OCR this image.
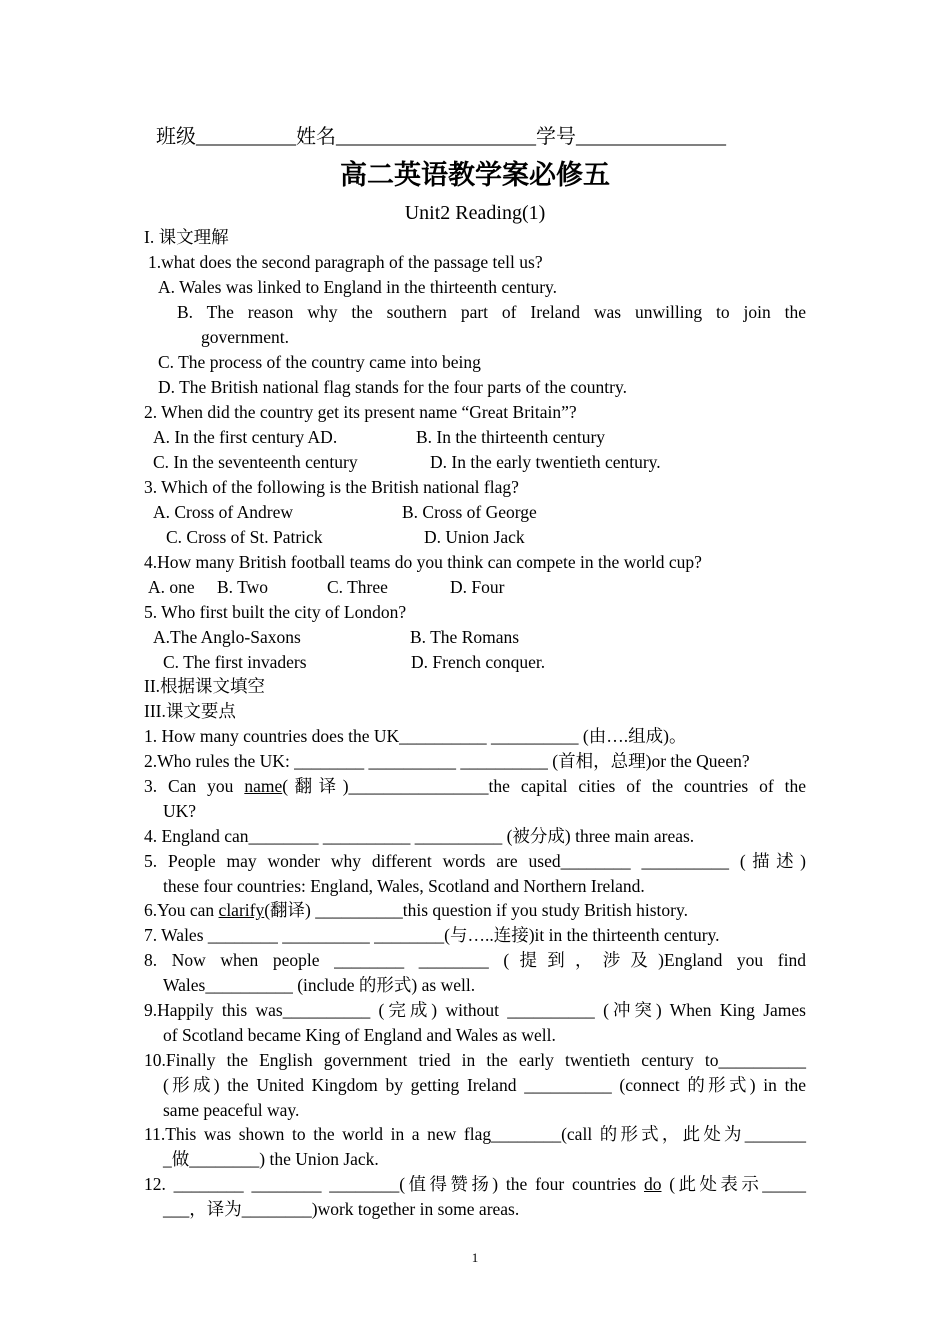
班级__________姓名____________________学号_______________
高二英语教学案必修五
Unit2 Reading(1)
I. 课文理解
1.what does the second paragraph of the passage tell us?
A. Wales was linked to England in the thirteenth century.
B. The reason why the southern part of Ireland was unwilling to join the
government.
C. The process of the country came into being
D. The British national flag stands for the four parts of the country.
2. When did the country get its present name “Great Britain”?
A. In the first century AD.	B. In the thirteenth century
C. In the seventeenth century	D. In the early twentieth century.
3. Which of the following is the British national flag?
A. Cross of Andrew	B. Cross of George
C. Cross of St. Patrick	D. Union Jack
4.How many British football teams do you think can compete in the world cup?
A. one B. Two	C. Three	D. Four
5. Who first built the city of London?
A.The Anglo-Saxons	B. The Romans
C. The first invaders	D. French conquer.
II.根据课文填空
III.课文要点
1. How many countries does the UK__________ __________ (由….组成)。
2.Who rules the UK: ________ __________ __________ (首相，总理)or the Queen?
3. Can you name(翻译)________________the capital cities of the countries of the
UK?
4. England can________ __________ __________ (被分成) three main areas.
5. People may wonder why different words are used________ __________ (描述)
these four countries: England, Wales, Scotland and Northern Ireland.
6.You can clarify(翻译) __________this question if you study British history.
7. Wales ________ __________ ________(与…..连接)it in the thirteenth century.
8. Now when people ________ ________ (提到，涉及)England you find
Wales__________ (include 的形式) as well.
9.Happily this was__________ (完成) without __________ (冲突) When King James
of Scotland became King of England and Wales as well.
10.Finally the English government tried in the early twentieth century to__________
(形成) the United Kingdom by getting Ireland __________ (connect 的形式) in the
same peaceful way.
11.This was shown to the world in a new flag________(call 的形式，此处为_______
_做________) the Union Jack.
12. ________ ________ ________(值得赞扬) the four countries do (此处表示_____
___，译为________)work together in some areas.
1
